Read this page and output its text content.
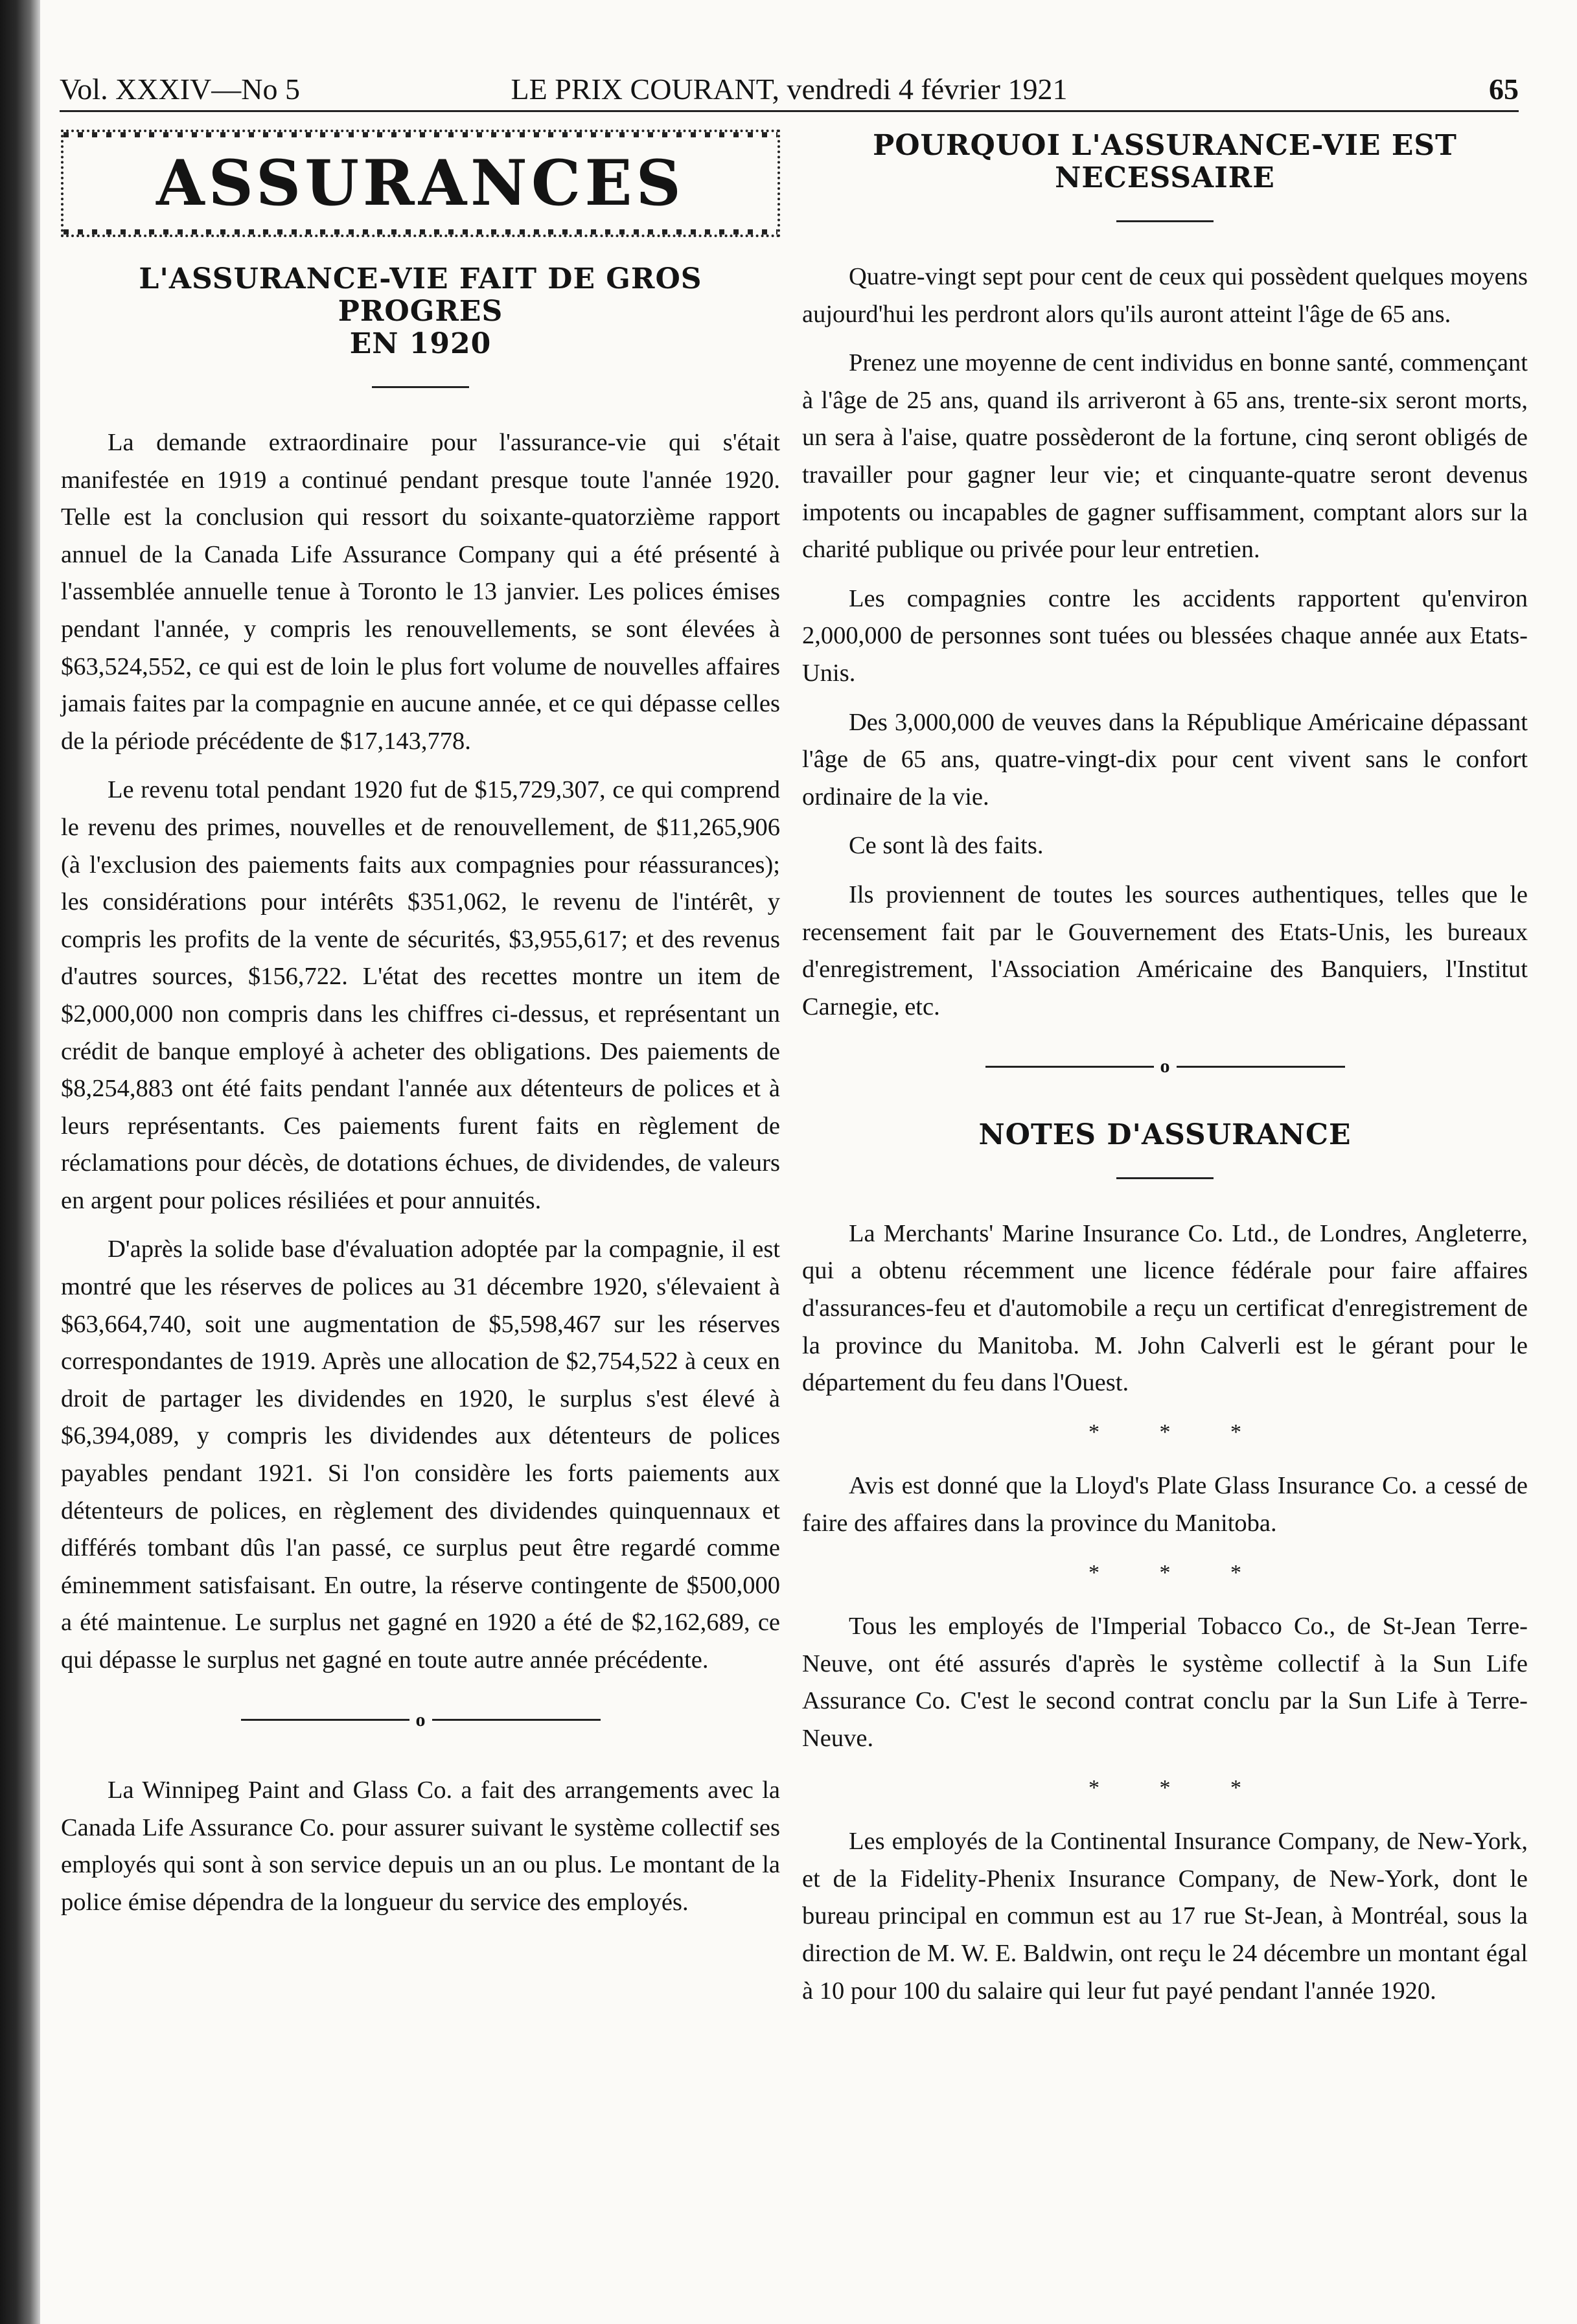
Vol. XXXIV—No 5	LE PRIX COURANT, vendredi 4 février 1921	65
ASSURANCES
L'ASSURANCE-VIE FAIT DE GROS PROGRES
EN 1920

La demande extraordinaire pour l'assurance-vie qui s'était manifestée en 1919 a continué pendant presque toute l'année 1920. Telle est la conclusion qui ressort du soixante-quatorzième rapport annuel de la Canada Life Assurance Company qui a été présenté à l'assemblée annuelle tenue à Toronto le 13 janvier. Les polices émises pendant l'année, y compris les renouvellements, se sont élevées à $63,524,552, ce qui est de loin le plus fort volume de nouvelles affaires jamais faites par la compagnie en aucune année, et ce qui dépasse celles de la période précédente de $17,143,778.

Le revenu total pendant 1920 fut de $15,729,307, ce qui comprend le revenu des primes, nouvelles et de renouvellement, de $11,265,906 (à l'exclusion des paiements faits aux compagnies pour réassurances); les considérations pour intérêts $351,062, le revenu de l'intérêt, y compris les profits de la vente de sécurités, $3,955,617; et des revenus d'autres sources, $156,722. L'état des recettes montre un item de $2,000,000 non compris dans les chiffres ci-dessus, et représentant un crédit de banque employé à acheter des obligations. Des paiements de $8,254,883 ont été faits pendant l'année aux détenteurs de polices et à leurs représentants. Ces paiements furent faits en règlement de réclamations pour décès, de dotations échues, de dividendes, de valeurs en argent pour polices résiliées et pour annuités.

D'après la solide base d'évaluation adoptée par la compagnie, il est montré que les réserves de polices au 31 décembre 1920, s'élevaient à $63,664,740, soit une augmentation de $5,598,467 sur les réserves correspondantes de 1919. Après une allocation de $2,754,522 à ceux en droit de partager les dividendes en 1920, le surplus s'est élevé à $6,394,089, y compris les dividendes aux détenteurs de polices payables pendant 1921. Si l'on considère les forts paiements aux détenteurs de polices, en règlement des dividendes quinquennaux et différés tombant dûs l'an passé, ce surplus peut être regardé comme éminemment satisfaisant. En outre, la réserve contingente de $500,000 a été maintenue. Le surplus net gagné en 1920 a été de $2,162,689, ce qui dépasse le surplus net gagné en toute autre année précédente.

o

La Winnipeg Paint and Glass Co. a fait des arrangements avec la Canada Life Assurance Co. pour assurer suivant le système collectif ses employés qui sont à son service depuis un an ou plus. Le montant de la police émise dépendra de la longueur du service des employés.

POURQUOI L'ASSURANCE-VIE EST
NECESSAIRE

Quatre-vingt sept pour cent de ceux qui possèdent quelques moyens aujourd'hui les perdront alors qu'ils auront atteint l'âge de 65 ans.

Prenez une moyenne de cent individus en bonne santé, commençant à l'âge de 25 ans, quand ils arriveront à 65 ans, trente-six seront morts, un sera à l'aise, quatre possèderont de la fortune, cinq seront obligés de travailler pour gagner leur vie; et cinquante-quatre seront devenus impotents ou incapables de gagner suffisamment, comptant alors sur la charité publique ou privée pour leur entretien.

Les compagnies contre les accidents rapportent qu'environ 2,000,000 de personnes sont tuées ou blessées chaque année aux Etats-Unis.

Des 3,000,000 de veuves dans la République Américaine dépassant l'âge de 65 ans, quatre-vingt-dix pour cent vivent sans le confort ordinaire de la vie.

Ce sont là des faits.

Ils proviennent de toutes les sources authentiques, telles que le recensement fait par le Gouvernement des Etats-Unis, les bureaux d'enregistrement, l'Association Américaine des Banquiers, l'Institut Carnegie, etc.

o
NOTES D'ASSURANCE

La Merchants' Marine Insurance Co. Ltd., de Londres, Angleterre, qui a obtenu récemment une licence fédérale pour faire affaires d'assurances-feu et d'automobile a reçu un certificat d'enregistrement de la province du Manitoba. M. John Calverli est le gérant pour le département du feu dans l'Ouest.

* * *

Avis est donné que la Lloyd's Plate Glass Insurance Co. a cessé de faire des affaires dans la province du Manitoba.

* * *

Tous les employés de l'Imperial Tobacco Co., de St-Jean Terre-Neuve, ont été assurés d'après le système collectif à la Sun Life Assurance Co. C'est le second contrat conclu par la Sun Life à Terre-Neuve.

* * *

Les employés de la Continental Insurance Company, de New-York, et de la Fidelity-Phenix Insurance Company, de New-York, dont le bureau principal en commun est au 17 rue St-Jean, à Montréal, sous la direction de M. W. E. Baldwin, ont reçu le 24 décembre un montant égal à 10 pour 100 du salaire qui leur fut payé pendant l'année 1920.
